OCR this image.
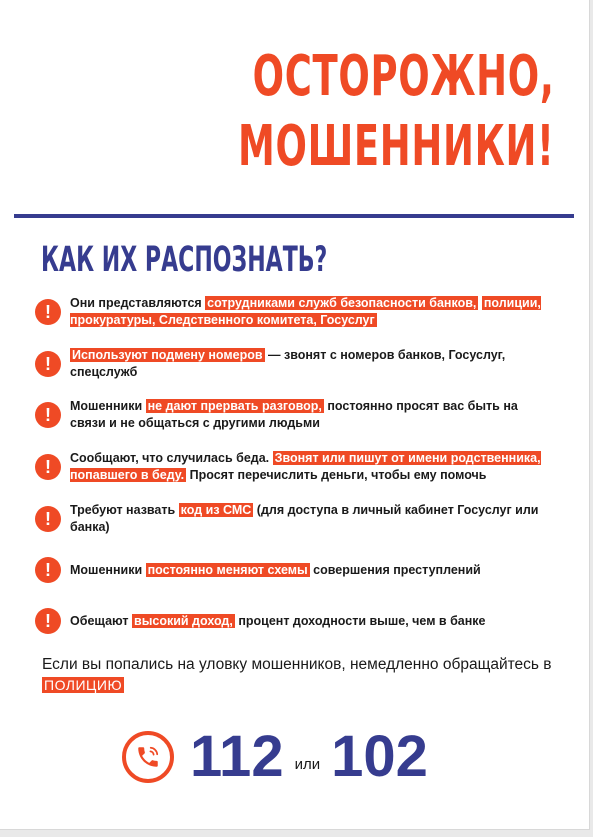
ОСТОРОЖНО,
МОШЕННИКИ!
КАК ИХ РАСПОЗНАТЬ?
!	Они представляются сотрудниками служб безопасности банков, полиции, прокуратуры, Следственного комитета, Госуслуг
!	Используют подмену номеров — звонят с номеров банков, Госуслуг, спецслужб
!	Мошенники не дают прервать разговор, постоянно просят вас быть на связи и не общаться с другими людьми
!	Сообщают, что случилась беда. Звонят или пишут от имени родственника, попавшего в беду. Просят перечислить деньги, чтобы ему помочь
!	Требуют назвать код из СМС (для доступа в личный кабинет Госуслуг или банка)
!	Мошенники постоянно меняют схемы совершения преступлений
!	Обещают высокий доход, процент доходности выше, чем в банке
Если вы попались на уловку мошенников, немедленно обращайтесь в ПОЛИЦИЮ
112 или 102
